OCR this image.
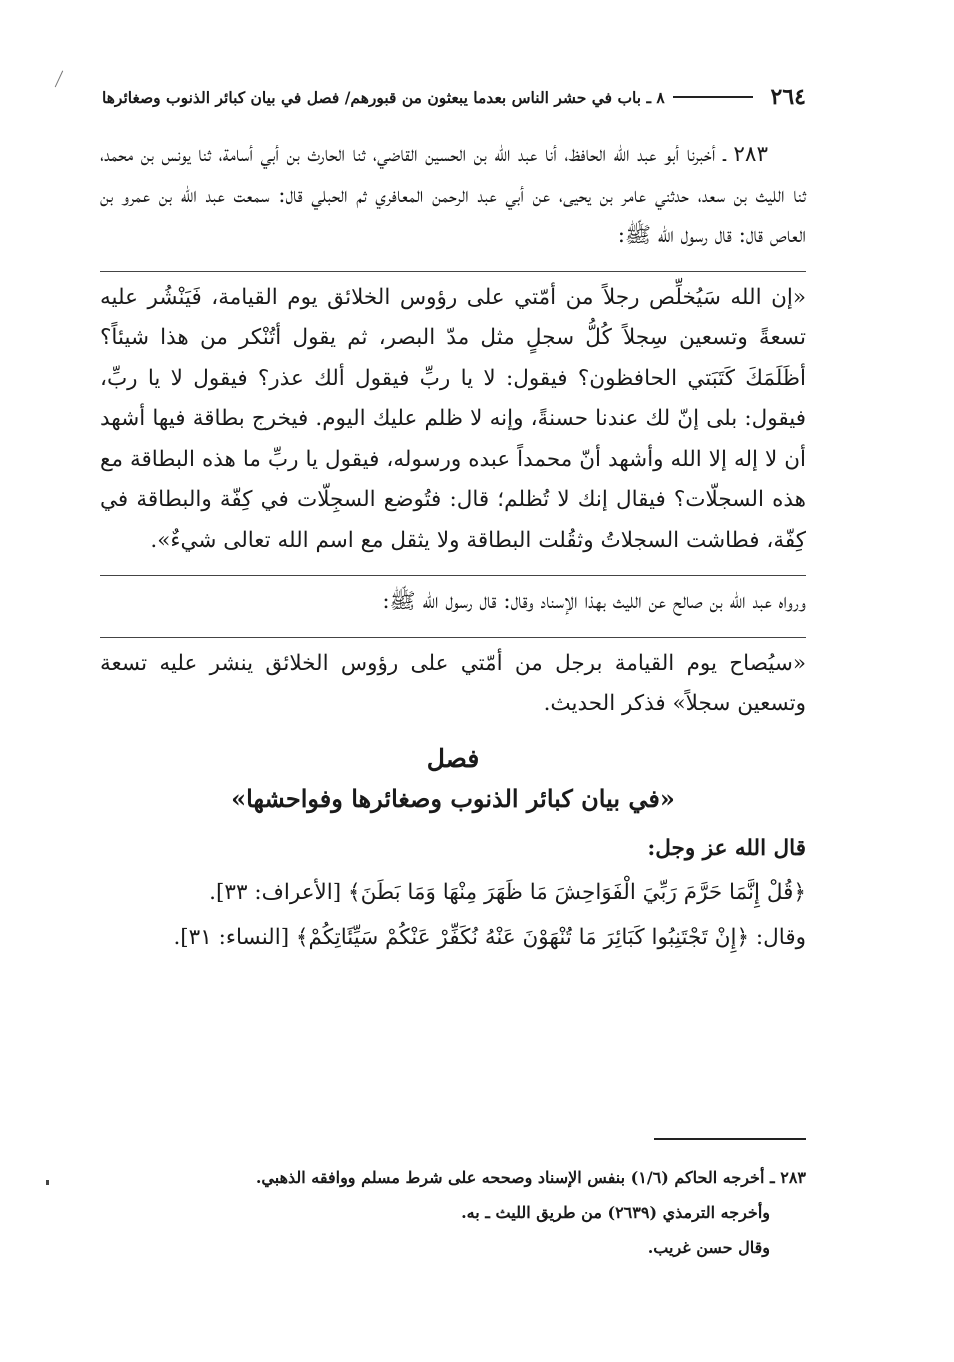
٢٦٤
٨ ـ باب في حشر الناس بعدما يبعثون من قبورهم/ فصل في بيان كبائر الذنوب وصغائرها

٢٨٣ ـ أخبرنا أبو عبد الله الحافظ، أنا عبد الله بن الحسين القاضي، ثنا الحارث بن أبي أسامة، ثنا يونس بن محمد، ثنا الليث بن سعد، حدثني عامر بن يحيى، عن أبي عبد الرحمن المعافري ثم الحبلي قال: سمعت عبد الله بن عمرو بن العاص قال: قال رسول الله ﷺ:

«إن الله سَيُخلِّص رجلاً من أمّتي على رؤوس الخلائق يوم القيامة، فَيَنْشُر عليه تسعةً وتسعين سِجلاً كُلُّ سجلٍ مثل مدّ البصر، ثم يقول أتُنْكر من هذا شيئاً؟ أظَلَمَكَ كَتَبَتي الحافظون؟ فيقول: لا يا ربِّ فيقول ألك عذر؟ فيقول لا يا ربِّ، فيقول: بلى إنّ لك عندنا حسنةً، وإنه لا ظلم عليك اليوم. فيخرج بطاقة فيها أشهد أن لا إله إلا الله وأشهد أنّ محمداً عبده ورسوله، فيقول يا ربِّ ما هذه البطاقة مع هذه السجلّات؟ فيقال إنك لا تُظلم؛ قال: فتُوضع السجِلّات في كِفّة والبطاقة في كِفّة، فطاشت السجلاتُ وثقُلت البطاقة ولا يثقل مع اسم الله تعالى شيءٌ».

ورواه عبد الله بن صالح عن الليث بهذا الإسناد وقال: قال رسول الله ﷺ:

«سيُصاح يوم القيامة برجل من أمّتي على رؤوس الخلائق ينشر عليه تسعة وتسعين سجلاً» فذكر الحديث.

فصل
«في بيان كبائر الذنوب وصغائرها وفواحشها»

قال الله عز وجل:

﴿قُلْ إِنَّمَا حَرَّمَ رَبِّيَ الْفَوَاحِشَ مَا ظَهَرَ مِنْهَا وَمَا بَطَنَ﴾ [الأعراف: ٣٣].

وقال: ﴿إِنْ تَجْتَنِبُوا كَبَائِرَ مَا تُنْهَوْنَ عَنْهُ نُكَفِّرْ عَنْكُمْ سَيِّئَاتِكُمْ﴾ [النساء: ٣١].

٢٨٣ ـ أخرجه الحاكم (١/٦) بنفس الإسناد وصححه على شرط مسلم ووافقه الذهبي.

وأخرجه الترمذي (٢٦٣٩) من طريق الليث ـ به.

وقال حسن غريب.
